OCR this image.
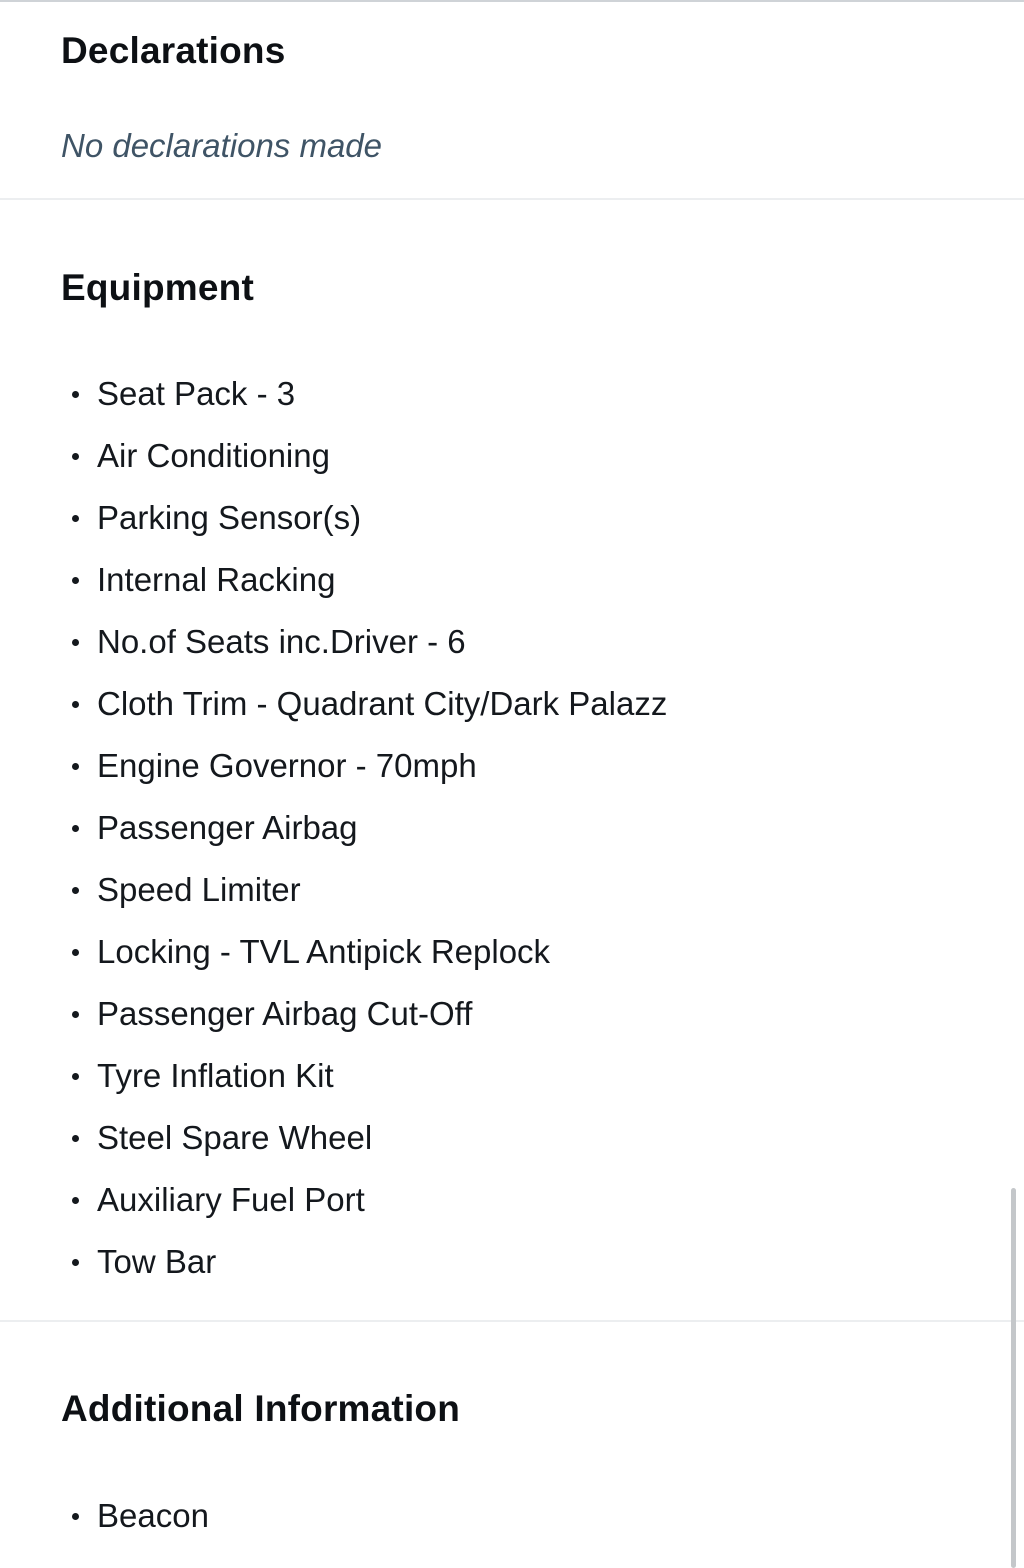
Declarations

No declarations made

Equipment
Seat Pack - 3
Air Conditioning
Parking Sensor(s)
Internal Racking
No.of Seats inc.Driver - 6
Cloth Trim - Quadrant City/Dark Palazz
Engine Governor - 70mph
Passenger Airbag
Speed Limiter
Locking - TVL Antipick Replock
Passenger Airbag Cut-Off
Tyre Inflation Kit
Steel Spare Wheel
Auxiliary Fuel Port
Tow Bar
Additional Information
Beacon
